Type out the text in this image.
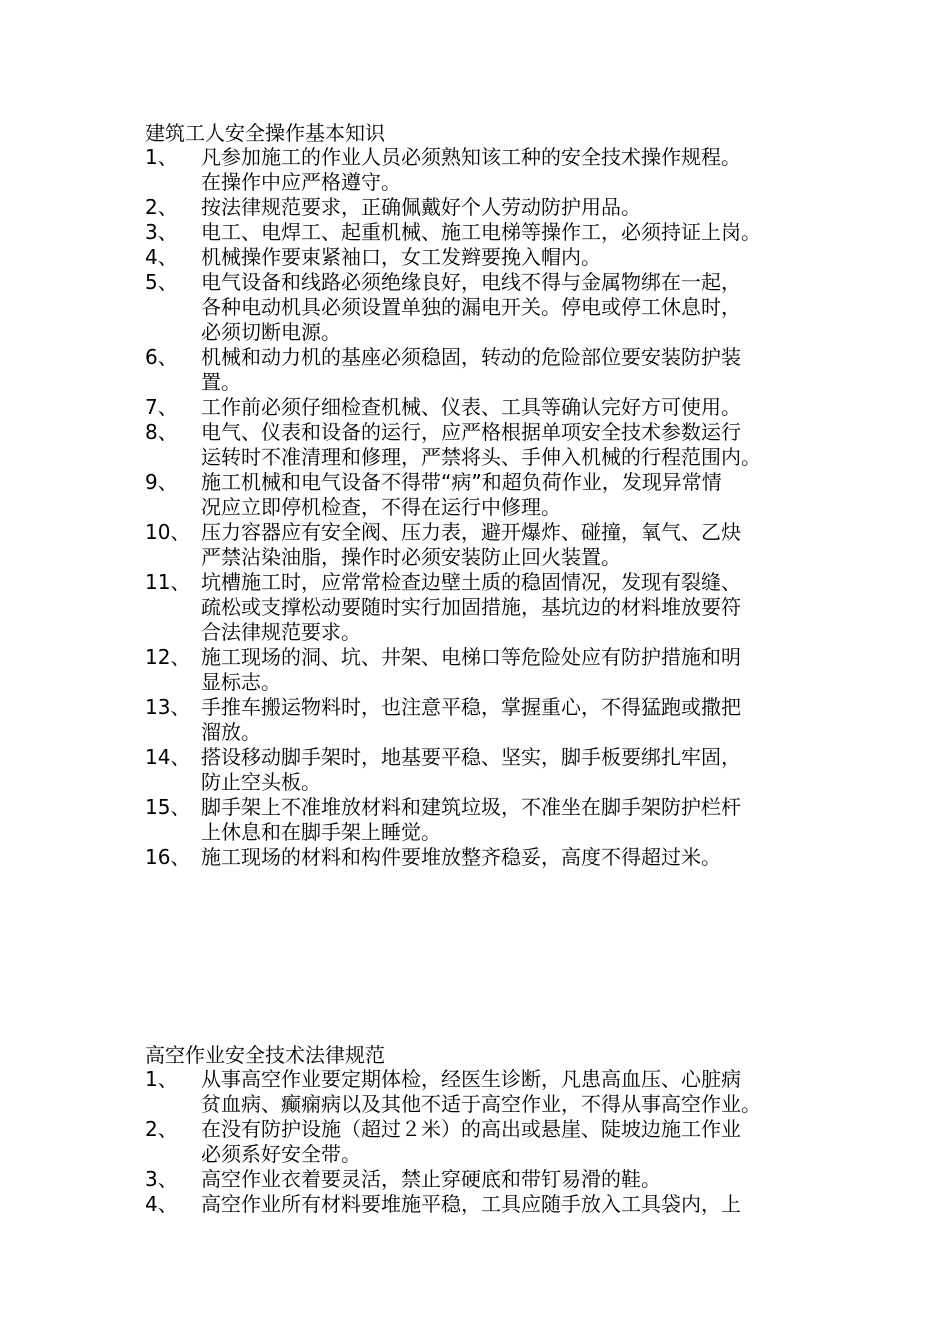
建筑工人安全操作基本知识
1、	凡参加施工的作业人员必须熟知该工种的安全技术操作规程。
在操作中应严格遵守。
2、	按法律规范要求，正确佩戴好个人劳动防护用品。
3、	电工、电焊工、起重机械、施工电梯等操作工，必须持证上岗。
4、	机械操作要束紧袖口，女工发辫要挽入帽内。
5、	电气设备和线路必须绝缘良好，电线不得与金属物绑在一起，
各种电动机具必须设置单独的漏电开关。停电或停工休息时，
必须切断电源。
6、	机械和动力机的基座必须稳固，转动的危险部位要安装防护装
置。
7、	工作前必须仔细检查机械、仪表、工具等确认完好方可使用。
8、	电气、仪表和设备的运行，应严格根据单项安全技术参数运行
运转时不准清理和修理，严禁将头、手伸入机械的行程范围内。
9、	施工机械和电气设备不得带“病”和超负荷作业，发现异常情
况应立即停机检查，不得在运行中修理。
10、 压力容器应有安全阀、压力表，避开爆炸、碰撞，氧气、乙炔
严禁沾染油脂，操作时必须安装防止回火装置。
11、 坑槽施工时，应常常检查边壁土质的稳固情况，发现有裂缝、
疏松或支撑松动要随时实行加固措施，基坑边的材料堆放要符
合法律规范要求。
12、 施工现场的洞、坑、井架、电梯口等危险处应有防护措施和明
显标志。
13、 手推车搬运物料时，也注意平稳，掌握重心，不得猛跑或撒把
溜放。
14、 搭设移动脚手架时，地基要平稳、坚实，脚手板要绑扎牢固，
防止空头板。
15、 脚手架上不准堆放材料和建筑垃圾，不准坐在脚手架防护栏杆
上休息和在脚手架上睡觉。
16、 施工现场的材料和构件要堆放整齐稳妥，高度不得超过米。
高空作业安全技术法律规范
1、	从事高空作业要定期体检，经医生诊断，凡患高血压、心脏病
贫血病、癫痫病以及其他不适于高空作业，不得从事高空作业。
2、	在没有防护设施（超过２米）的高出或悬崖、陡坡边施工作业
必须系好安全带。
3、	高空作业衣着要灵活，禁止穿硬底和带钉易滑的鞋。
4、	高空作业所有材料要堆施平稳，工具应随手放入工具袋内，上
